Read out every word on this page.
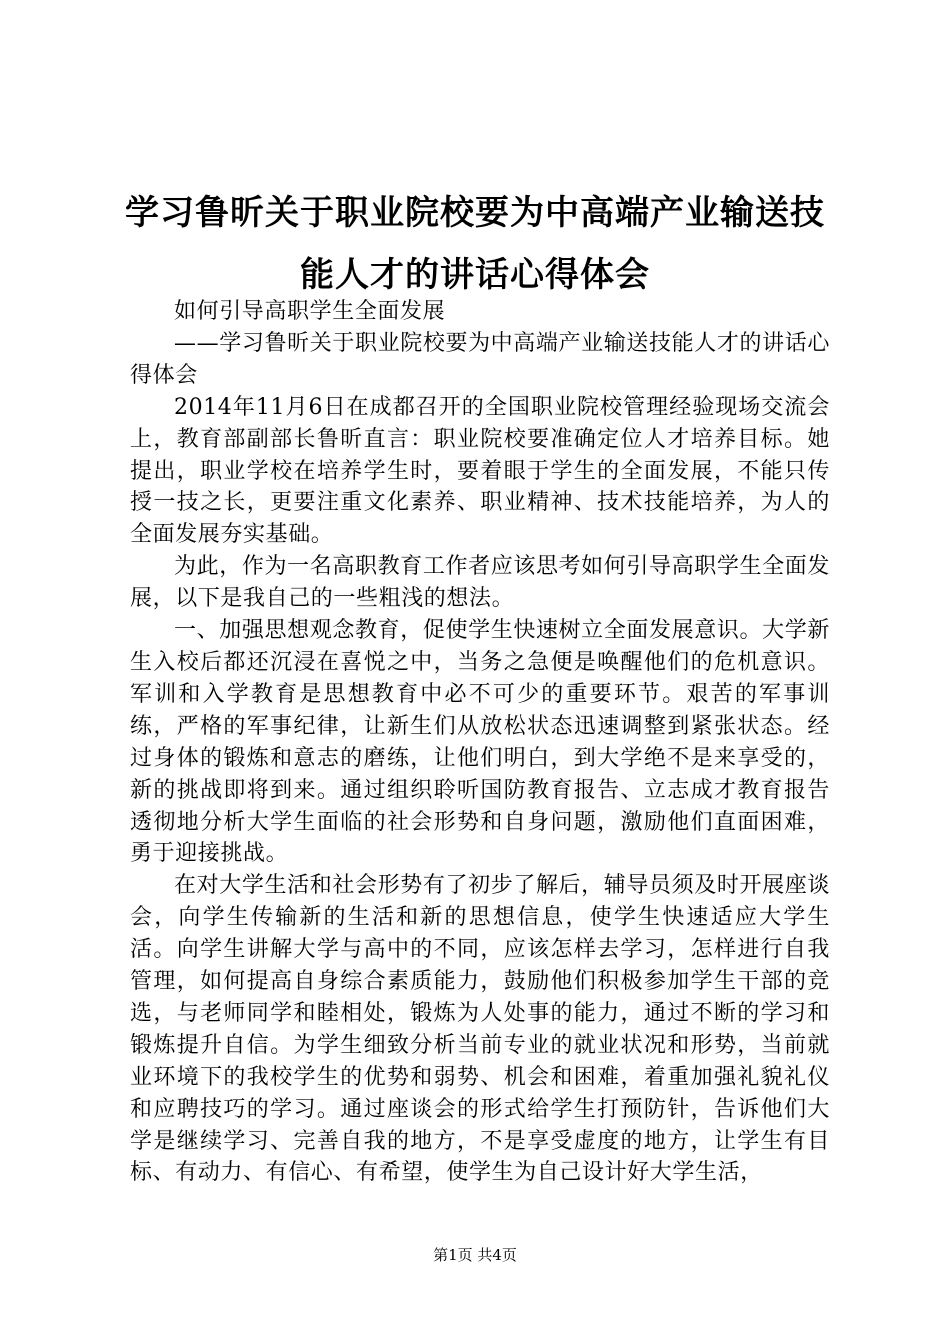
学习鲁昕关于职业院校要为中高端产业输送技
能人才的讲话心得体会

如何引导高职学生全面发展

——学习鲁昕关于职业院校要为中高端产业输送技能人才的讲话心得体会

2014年11月6日在成都召开的全国职业院校管理经验现场交流会上，教育部副部长鲁昕直言：职业院校要准确定位人才培养目标。她提出，职业学校在培养学生时，要着眼于学生的全面发展，不能只传授一技之长，更要注重文化素养、职业精神、技术技能培养，为人的全面发展夯实基础。

为此，作为一名高职教育工作者应该思考如何引导高职学生全面发展，以下是我自己的一些粗浅的想法。

一、加强思想观念教育，促使学生快速树立全面发展意识。大学新生入校后都还沉浸在喜悦之中，当务之急便是唤醒他们的危机意识。军训和入学教育是思想教育中必不可少的重要环节。艰苦的军事训练，严格的军事纪律，让新生们从放松状态迅速调整到紧张状态。经过身体的锻炼和意志的磨练，让他们明白，到大学绝不是来享受的，新的挑战即将到来。通过组织聆听国防教育报告、立志成才教育报告透彻地分析大学生面临的社会形势和自身问题，激励他们直面困难，勇于迎接挑战。

在对大学生活和社会形势有了初步了解后，辅导员须及时开展座谈会，向学生传输新的生活和新的思想信息，使学生快速适应大学生活。向学生讲解大学与高中的不同，应该怎样去学习，怎样进行自我管理，如何提高自身综合素质能力，鼓励他们积极参加学生干部的竞选，与老师同学和睦相处，锻炼为人处事的能力，通过不断的学习和锻炼提升自信。为学生细致分析当前专业的就业状况和形势，当前就业环境下的我校学生的优势和弱势、机会和困难，着重加强礼貌礼仪和应聘技巧的学习。通过座谈会的形式给学生打预防针，告诉他们大学是继续学习、完善自我的地方，不是享受虚度的地方，让学生有目标、有动力、有信心、有希望，使学生为自己设计好大学生活，

第1页 共4页
